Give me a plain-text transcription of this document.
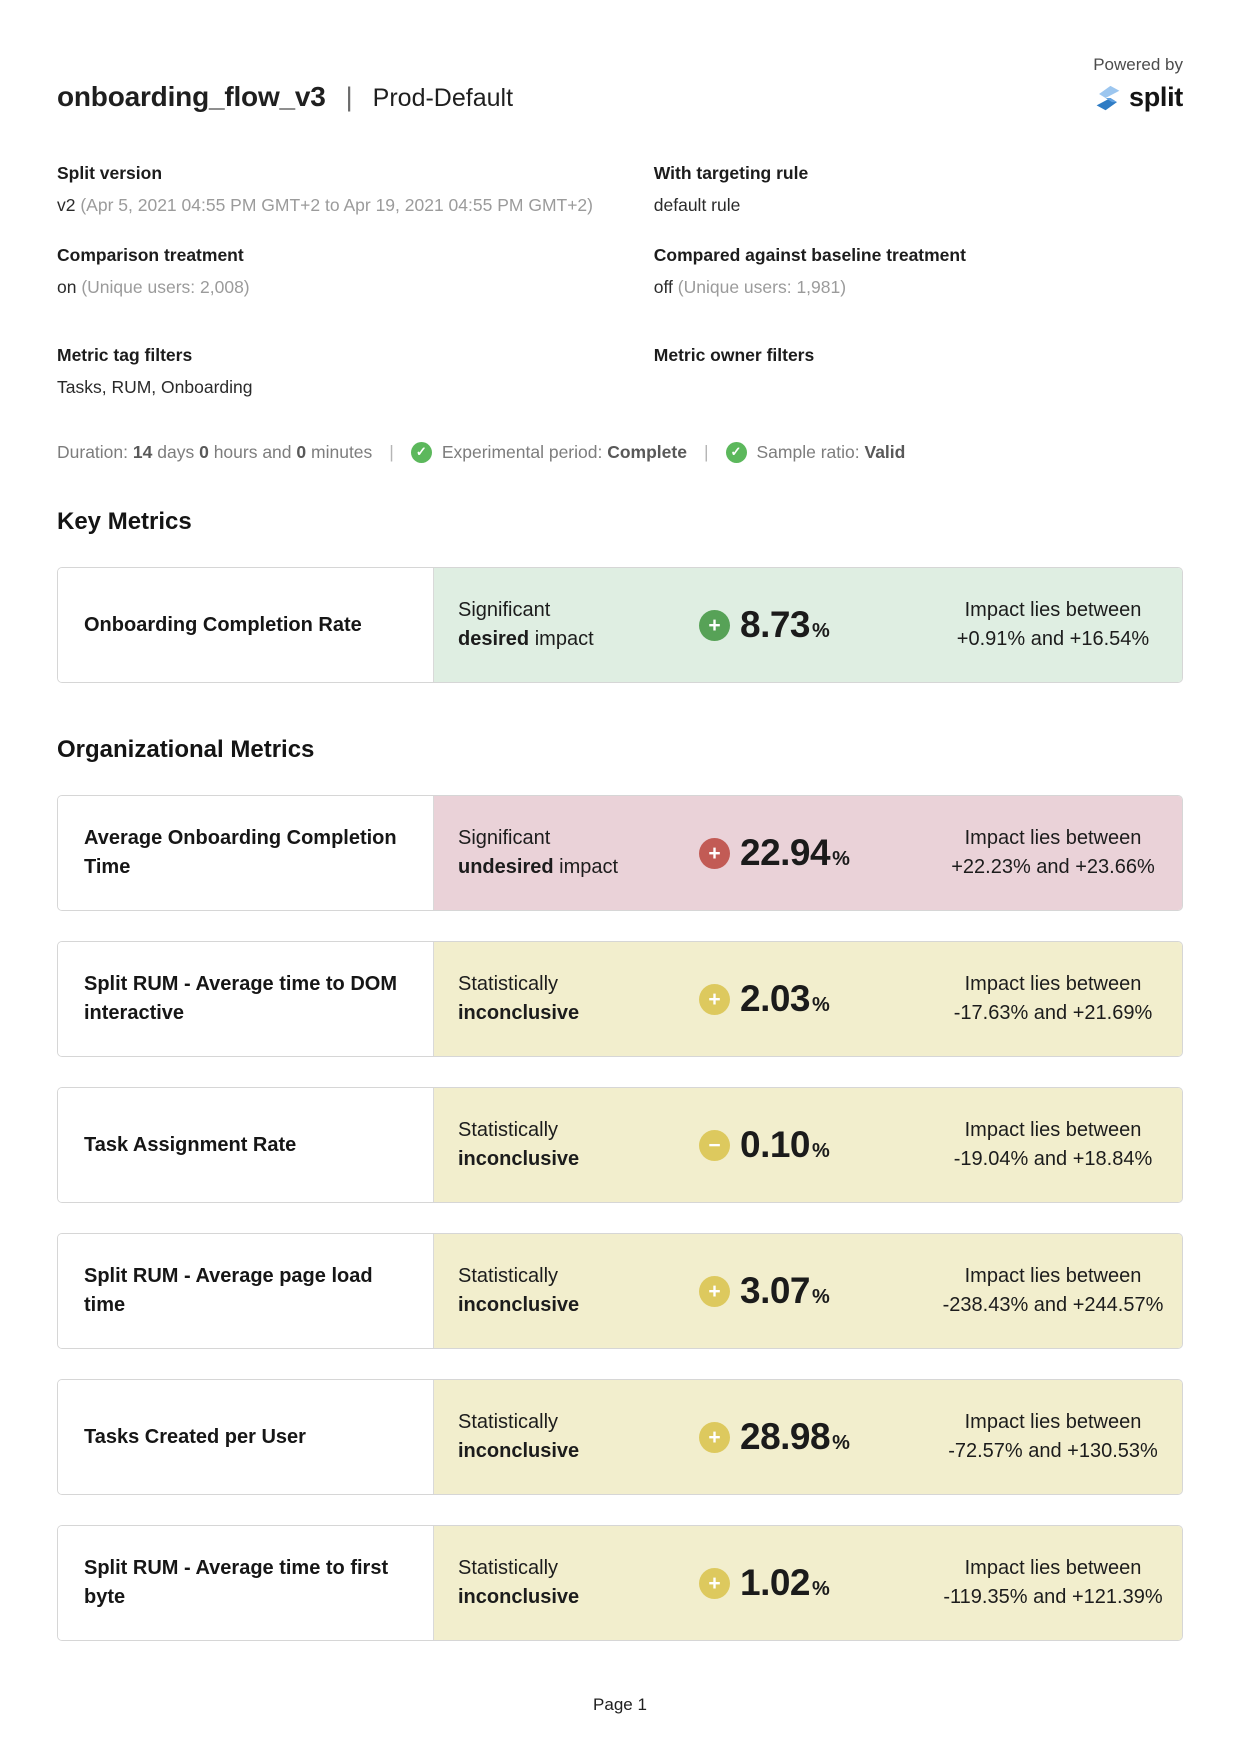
onboarding_flow_v3 | Prod-Default
Powered by
split
Split version
v2 (Apr 5, 2021 04:55 PM GMT+2 to Apr 19, 2021 04:55 PM GMT+2)
With targeting rule
default rule
Comparison treatment
on (Unique users: 2,008)
Compared against baseline treatment
off (Unique users: 1,981)
Metric tag filters
Tasks, RUM, Onboarding
Metric owner filters
Duration:
14
days
0
hours and
0
minutes |	✓ Experimental period:
Complete |	✓ Sample ratio:
Valid
Key Metrics
Onboarding Completion Rate
Significant
desired impact
+ 8.73 %
Impact lies between
+0.91% and +16.54%
Organizational Metrics
Average Onboarding Completion Time
Significant
undesired impact
+ 22.94 %
Impact lies between
+22.23% and +23.66%
Split RUM - Average time to DOM interactive
Statistically
inconclusive
+ 2.03 %
Impact lies between
-17.63% and +21.69%
Task Assignment Rate
Statistically
inconclusive
− 0.10 %
Impact lies between
-19.04% and +18.84%
Split RUM - Average page load time
Statistically
inconclusive
+ 3.07 %
Impact lies between
-238.43% and +244.57%
Tasks Created per User
Statistically
inconclusive
+ 28.98 %
Impact lies between
-72.57% and +130.53%
Split RUM - Average time to first byte
Statistically
inconclusive
+ 1.02 %
Impact lies between
-119.35% and +121.39%
Page 1
